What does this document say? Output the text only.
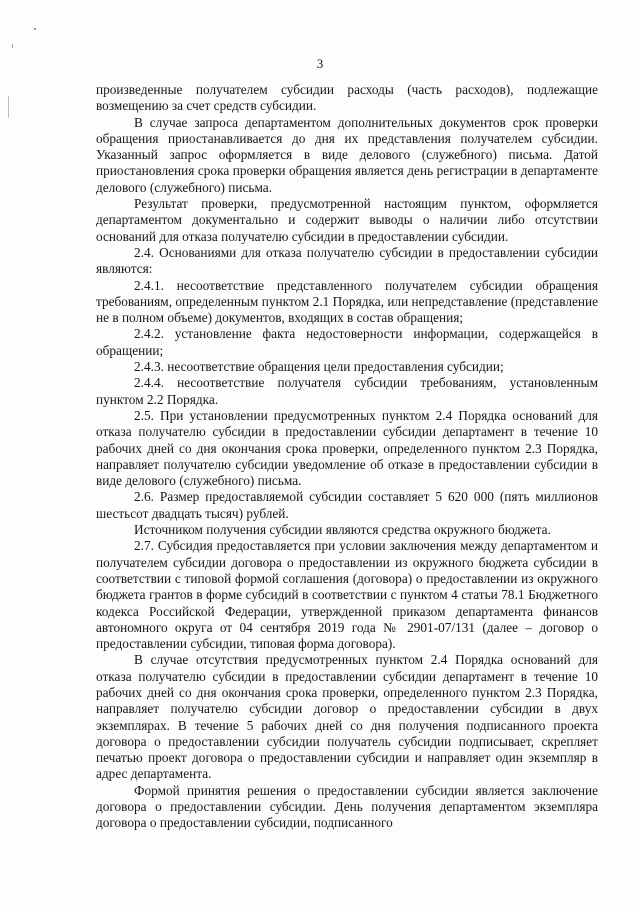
3

произведенные получателем субсидии расходы (часть расходов), подлежащие возмещению за счет средств субсидии.

В случае запроса департаментом дополнительных документов срок проверки обращения приостанавливается до дня их представления получателем субсидии. Указанный запрос оформляется в виде делового (служебного) письма. Датой приостановления срока проверки обращения является день регистрации в департаменте делового (служебного) письма.

Результат проверки, предусмотренной настоящим пунктом, оформляется департаментом документально и содержит выводы о наличии либо отсутствии оснований для отказа получателю субсидии в предоставлении субсидии.

2.4. Основаниями для отказа получателю субсидии в предоставлении субсидии являются:

2.4.1. несоответствие представленного получателем субсидии обращения требованиям, определенным пунктом 2.1 Порядка, или непредставление (представление не в полном объеме) документов, входящих в состав обращения;

2.4.2. установление факта недостоверности информации, содержащейся в обращении;

2.4.3. несоответствие обращения цели предоставления субсидии;

2.4.4. несоответствие получателя субсидии требованиям, установленным пунктом 2.2 Порядка.

2.5. При установлении предусмотренных пунктом 2.4 Порядка оснований для отказа получателю субсидии в предоставлении субсидии департамент в течение 10 рабочих дней со дня окончания срока проверки, определенного пунктом 2.3 Порядка, направляет получателю субсидии уведомление об отказе в предоставлении субсидии в виде делового (служебного) письма.

2.6. Размер предоставляемой субсидии составляет 5 620 000 (пять миллионов шестьсот двадцать тысяч) рублей.

Источником получения субсидии являются средства окружного бюджета.

2.7. Субсидия предоставляется при условии заключения между департаментом и получателем субсидии договора о предоставлении из окружного бюджета субсидии в соответствии с типовой формой соглашения (договора) о предоставлении из окружного бюджета грантов в форме субсидий в соответствии с пунктом 4 статьи 78.1 Бюджетного кодекса Российской Федерации, утвержденной приказом департамента финансов автономного округа от 04 сентября 2019 года № 2901-07/131 (далее – договор о предоставлении субсидии, типовая форма договора).

В случае отсутствия предусмотренных пунктом 2.4 Порядка оснований для отказа получателю субсидии в предоставлении субсидии департамент в течение 10 рабочих дней со дня окончания срока проверки, определенного пунктом 2.3 Порядка, направляет получателю субсидии договор о предоставлении субсидии в двух экземплярах. В течение 5 рабочих дней со дня получения подписанного проекта договора о предоставлении субсидии получатель субсидии подписывает, скрепляет печатью проект договора о предоставлении субсидии и направляет один экземпляр в адрес департамента.

Формой принятия решения о предоставлении субсидии является заключение договора о предоставлении субсидии. День получения департаментом экземпляра договора о предоставлении субсидии, подписанного
